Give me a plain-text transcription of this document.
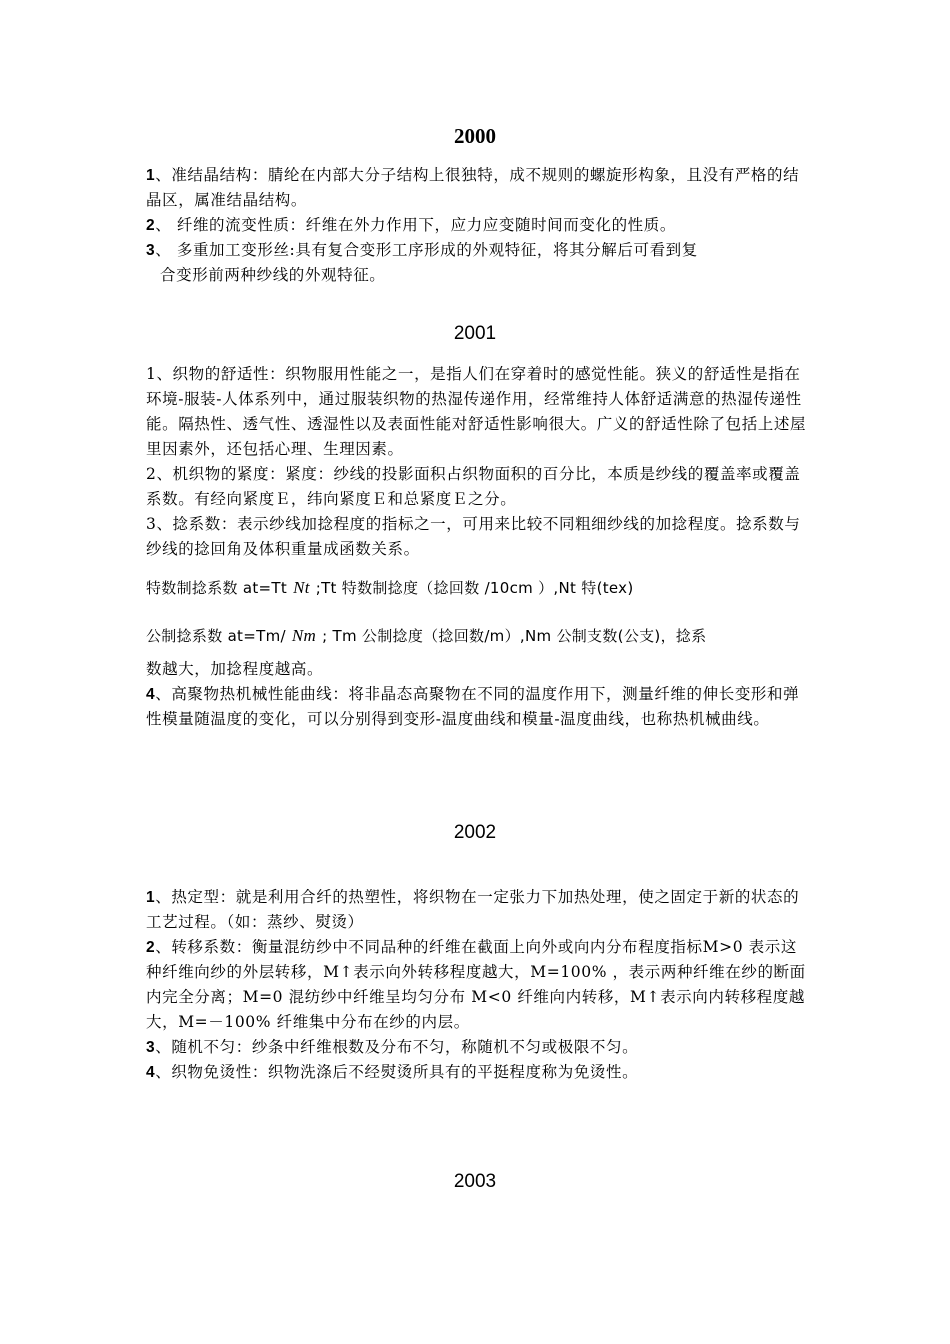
2000

1、准结晶结构：腈纶在内部大分子结构上很独特，成不规则的螺旋形构象，且没有严格的结晶区，属准结晶结构。

2、 纤维的流变性质：纤维在外力作用下，应力应变随时间而变化的性质。

3、 多重加工变形丝:具有复合变形工序形成的外观特征，将其分解后可看到复

合变形前两种纱线的外观特征。

2001

1、织物的舒适性：织物服用性能之一，是指人们在穿着时的感觉性能。狭义的舒适性是指在环境-服装-人体系列中，通过服装织物的热湿传递作用，经常维持人体舒适满意的热湿传递性能。隔热性、透气性、透湿性以及表面性能对舒适性影响很大。广义的舒适性除了包括上述屋里因素外，还包括心理、生理因素。

2、机织物的紧度：紧度：纱线的投影面积占织物面积的百分比，本质是纱线的覆盖率或覆盖系数。有经向紧度Ｅ，纬向紧度Ｅ和总紧度Ｅ之分。

3、捻系数：表示纱线加捻程度的指标之一，可用来比较不同粗细纱线的加捻程度。捻系数与纱线的捻回角及体积重量成函数关系。

特数制捻系数 at=Tt Nt ;Tt 特数制捻度（捻回数 /10cm ）,Nt 特(tex)

公制捻系数 at=Tm/ Nm ; Tm 公制捻度（捻回数/m）,Nm 公制支数(公支)，捻系

数越大，加捻程度越高。

4、高聚物热机械性能曲线：将非晶态高聚物在不同的温度作用下，测量纤维的伸长变形和弹性模量随温度的变化，可以分别得到变形-温度曲线和模量-温度曲线，也称热机械曲线。

2002

1、热定型：就是利用合纤的热塑性，将织物在一定张力下加热处理，使之固定于新的状态的工艺过程。（如：蒸纱、熨烫）

2、转移系数：衡量混纺纱中不同品种的纤维在截面上向外或向内分布程度指标M>0 表示这种纤维向纱的外层转移，M↑表示向外转移程度越大，M=100% ，表示两种纤维在纱的断面内完全分离；M=0 混纺纱中纤维呈均匀分布 M<0 纤维向内转移，M↑表示向内转移程度越大，M=－100% 纤维集中分布在纱的内层。

3、随机不匀：纱条中纤维根数及分布不匀，称随机不匀或极限不匀。

4、织物免烫性：织物洗涤后不经熨烫所具有的平挺程度称为免烫性。

2003
